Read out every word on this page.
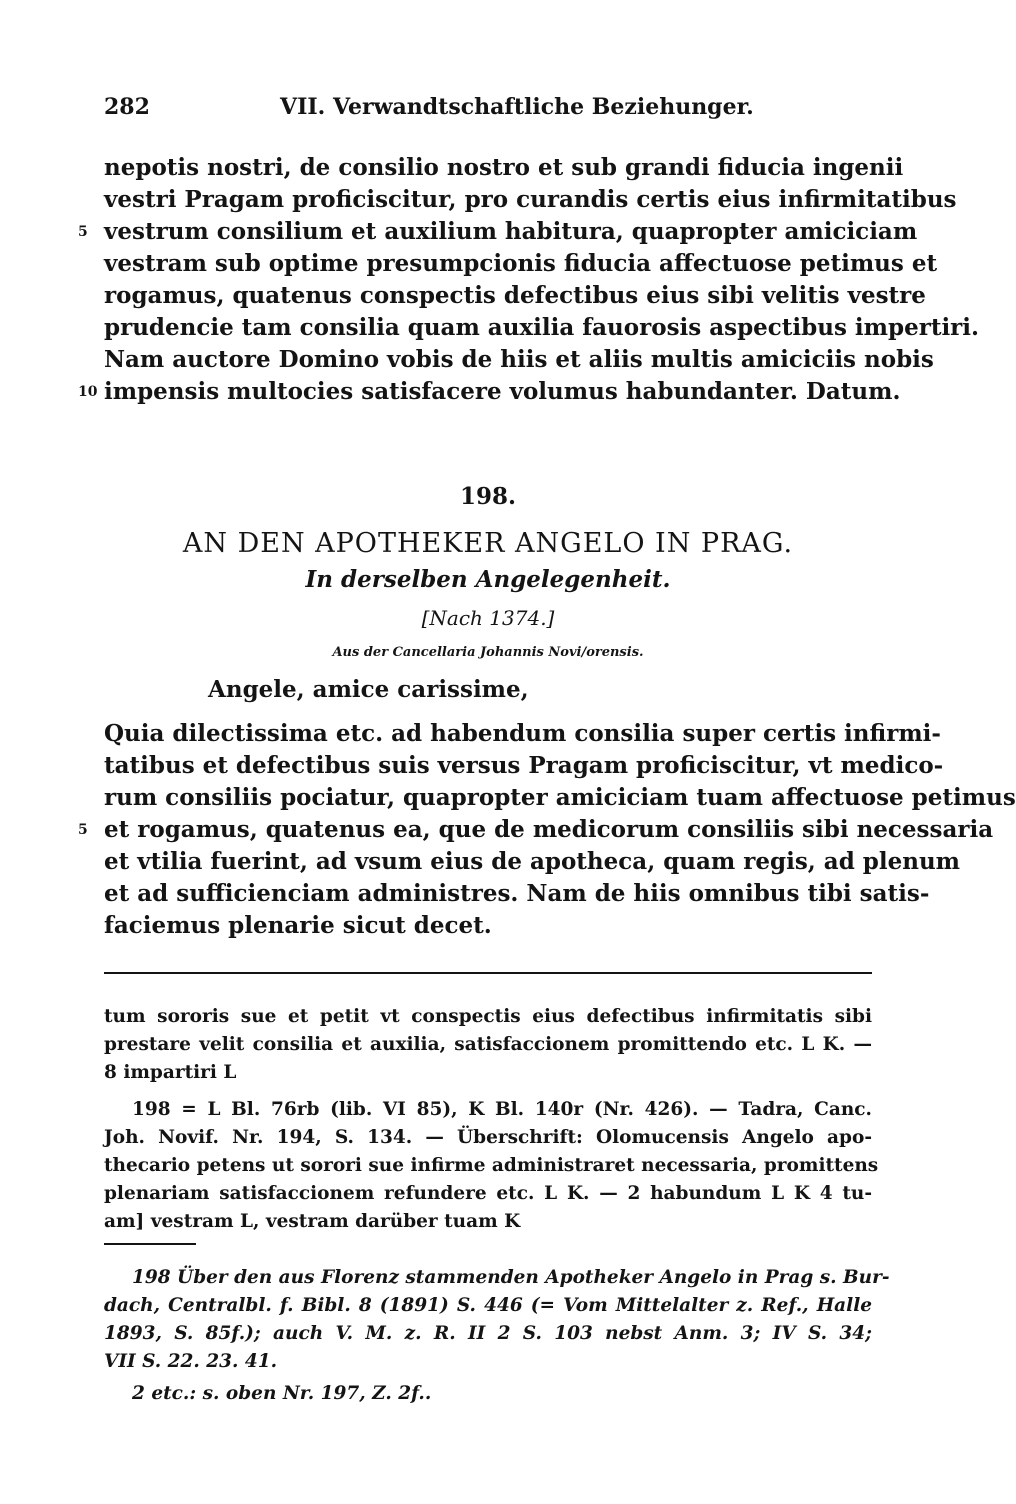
282	VII. Verwandtschaftliche Beziehunger.
nepotis nostri, de consilio nostro et sub grandi fiducia ingenii
vestri Pragam proficiscitur, pro curandis certis eius infirmitatibus
5 vestrum consilium et auxilium habitura, quapropter amiciciam
vestram sub optime presumpcionis fiducia affectuose petimus et
rogamus, quatenus conspectis defectibus eius sibi velitis vestre
prudencie tam consilia quam auxilia fauorosis aspectibus impertiri.
Nam auctore Domino vobis de hiis et aliis multis amiciciis nobis
10 impensis multocies satisfacere volumus habundanter. Datum.
198.
AN DEN APOTHEKER ANGELO IN PRAG.
In derselben Angelegenheit.
[Nach 1374.]
Aus der Cancellaria Johannis Novi/orensis.
Angele, amice carissime,
Quia dilectissima etc. ad habendum consilia super certis infirmi-
tatibus et defectibus suis versus Pragam proficiscitur, vt medico-
rum consiliis pociatur, quapropter amiciciam tuam affectuose petimus
5 et rogamus, quatenus ea, que de medicorum consiliis sibi necessaria
et vtilia fuerint, ad vsum eius de apotheca, quam regis, ad plenum
et ad sufficienciam administres. Nam de hiis omnibus tibi satis-
faciemus plenarie sicut decet.
tum sororis sue et petit vt conspectis eius defectibus infirmitatis sibi
prestare velit consilia et auxilia, satisfaccionem promittendo etc. L K. —
8 impartiri L
198 = L Bl. 76rb (lib. VI 85), K Bl. 140r (Nr. 426). — Tadra, Canc.
Joh. Novif. Nr. 194, S. 134. — Überschrift: Olomucensis Angelo apo-
thecario petens ut sorori sue infirme administraret necessaria, promittens
plenariam satisfaccionem refundere etc. L K. — 2 habundum L K 4 tu-
am] vestram L, vestram darüber tuam K
198 Über den aus Florenz stammenden Apotheker Angelo in Prag s. Bur-
dach, Centralbl. f. Bibl. 8 (1891) S. 446 (= Vom Mittelalter z. Ref., Halle
1893, S. 85f.); auch V. M. z. R. II 2 S. 103 nebst Anm. 3; IV S. 34;
VII S. 22. 23. 41.
2 etc.: s. oben Nr. 197, Z. 2f..
